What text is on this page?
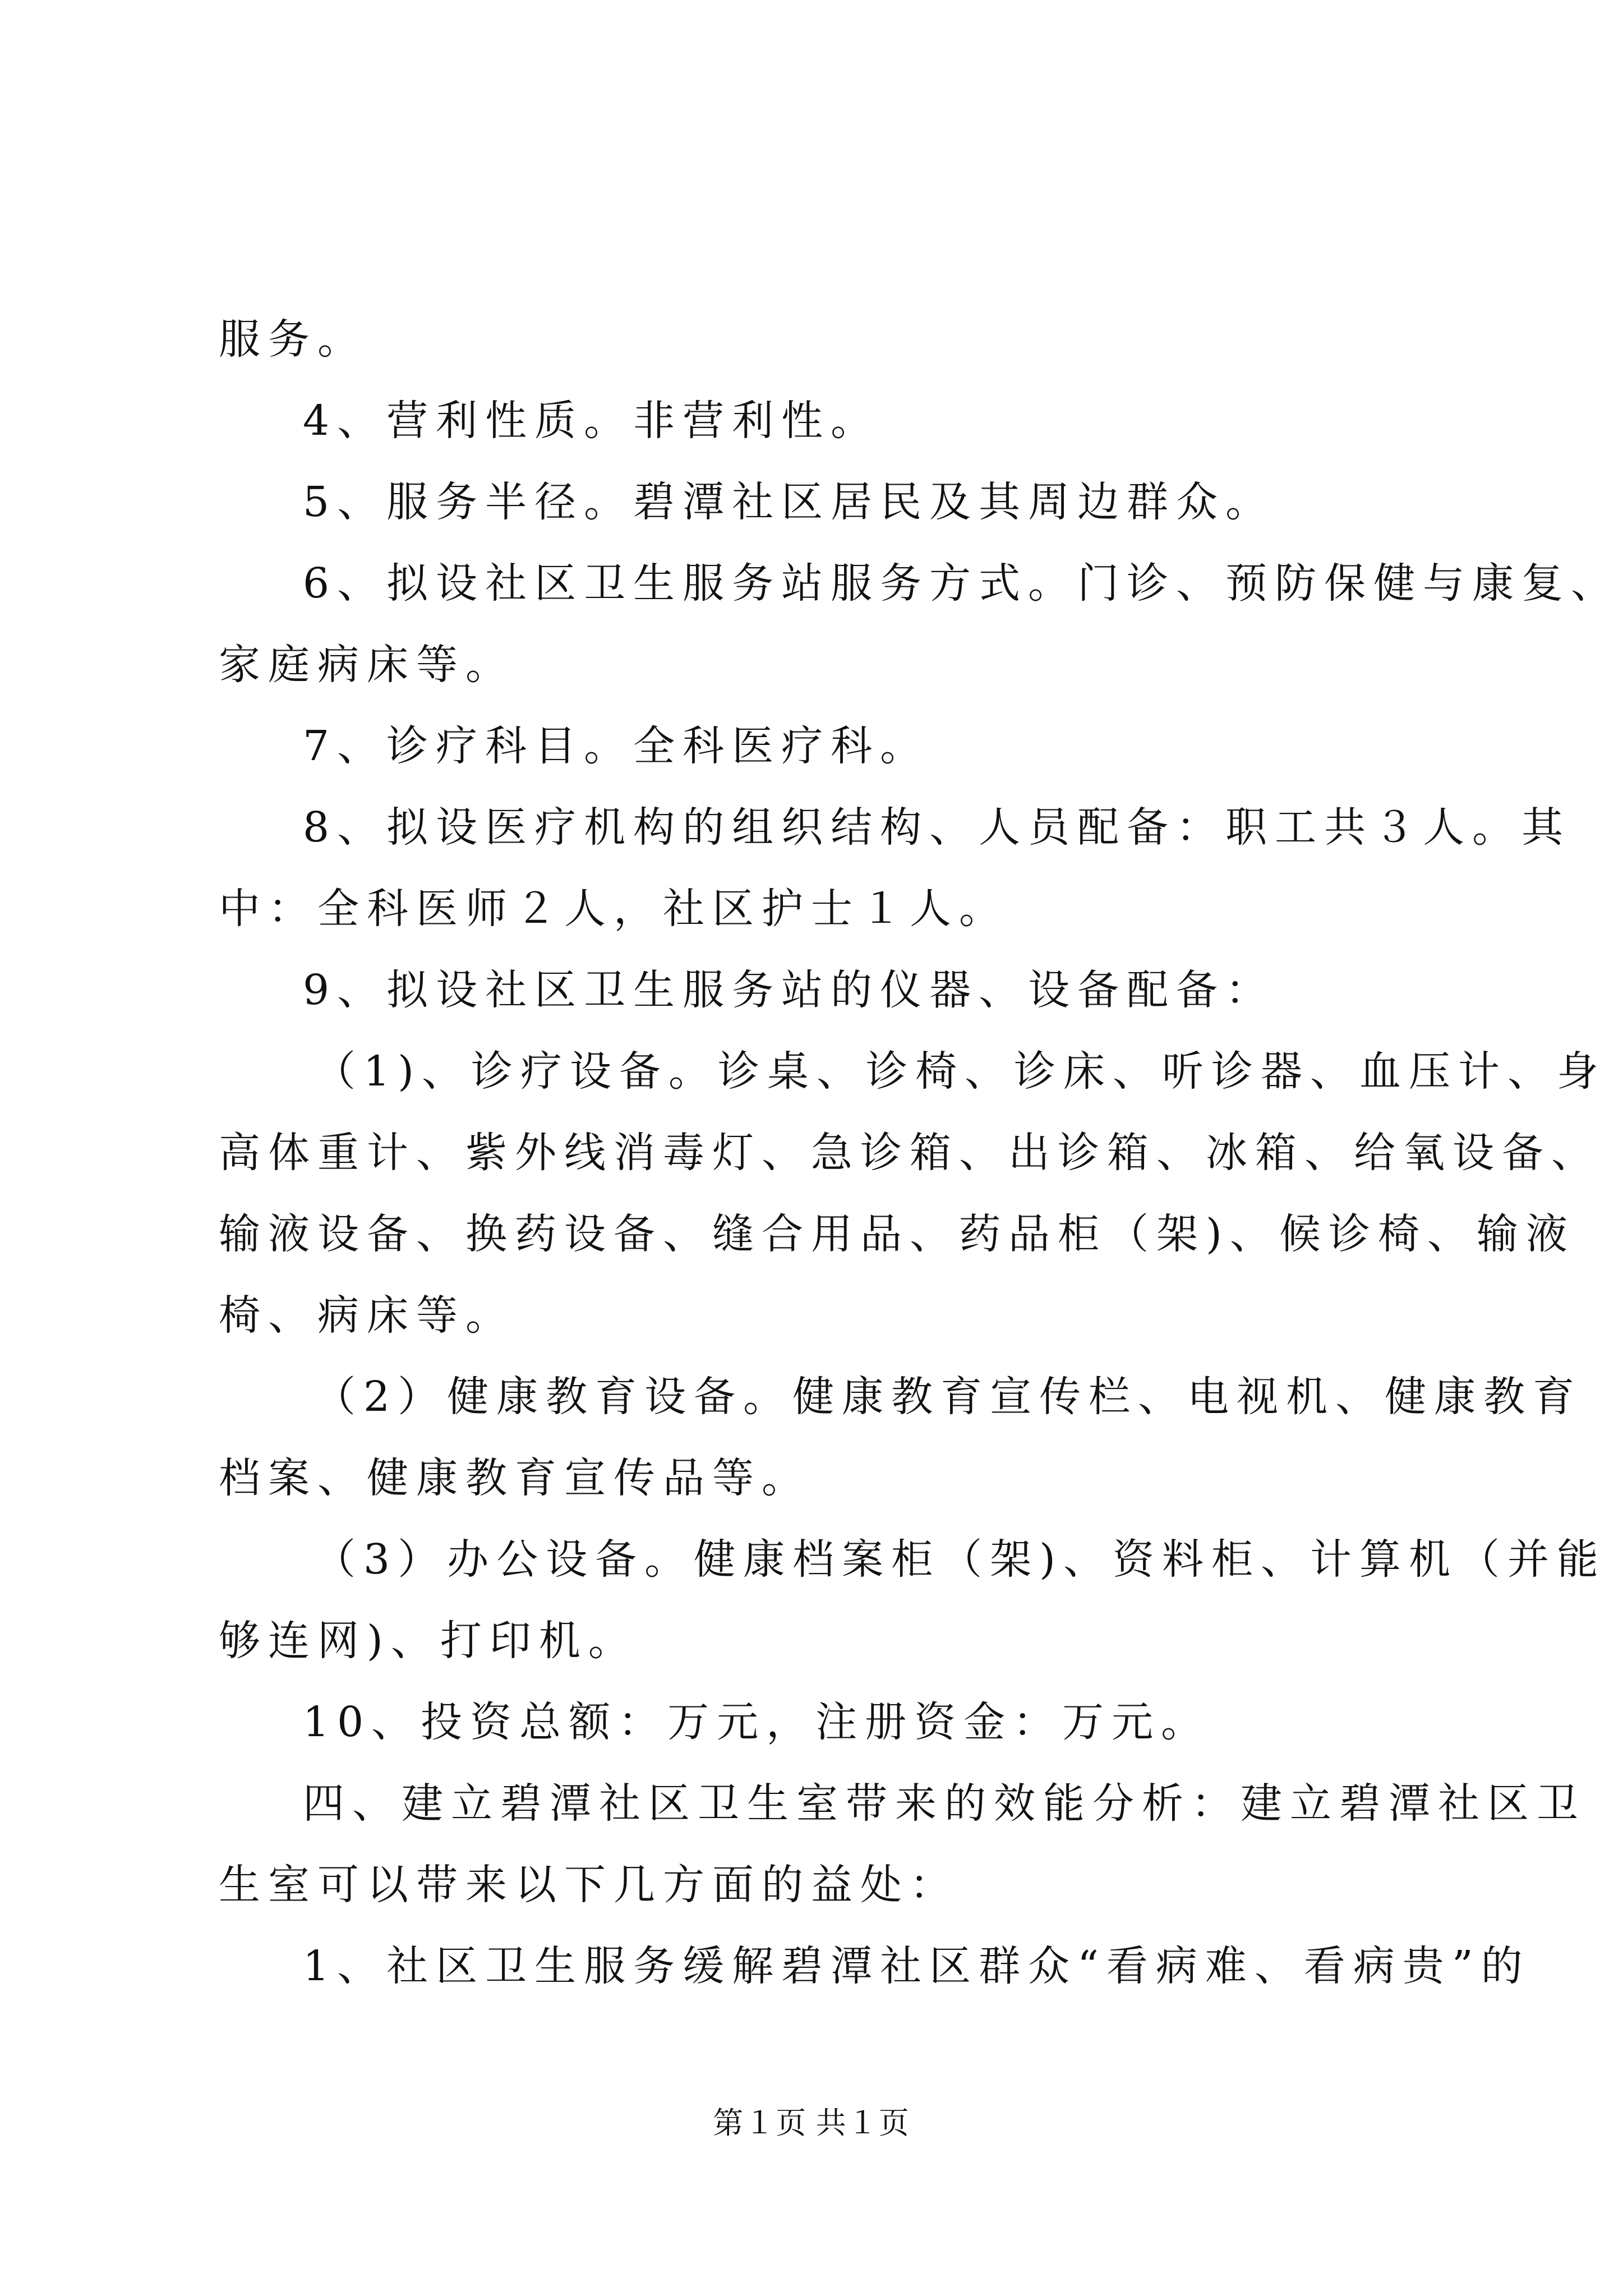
服务。
4、营利性质。非营利性。
5、服务半径。碧潭社区居民及其周边群众。
6、拟设社区卫生服务站服务方式。门诊、预防保健与康复、
家庭病床等。
7、诊疗科目。全科医疗科。
8、拟设医疗机构的组织结构、人员配备：职工共３人。其
中：全科医师２人，社区护士１人。
9、拟设社区卫生服务站的仪器、设备配备：
（1)、诊疗设备。诊桌、诊椅、诊床、听诊器、血压计、身
高体重计、紫外线消毒灯、急诊箱、出诊箱、冰箱、给氧设备、
输液设备、换药设备、缝合用品、药品柜（架)、候诊椅、输液
椅、病床等。
（2）健康教育设备。健康教育宣传栏、电视机、健康教育
档案、健康教育宣传品等。
（3）办公设备。健康档案柜（架)、资料柜、计算机（并能
够连网)、打印机。
10、投资总额：万元，注册资金：万元。
四、建立碧潭社区卫生室带来的效能分析：建立碧潭社区卫
生室可以带来以下几方面的益处：
1、社区卫生服务缓解碧潭社区群众“看病难、看病贵”的
第１页 共１页
